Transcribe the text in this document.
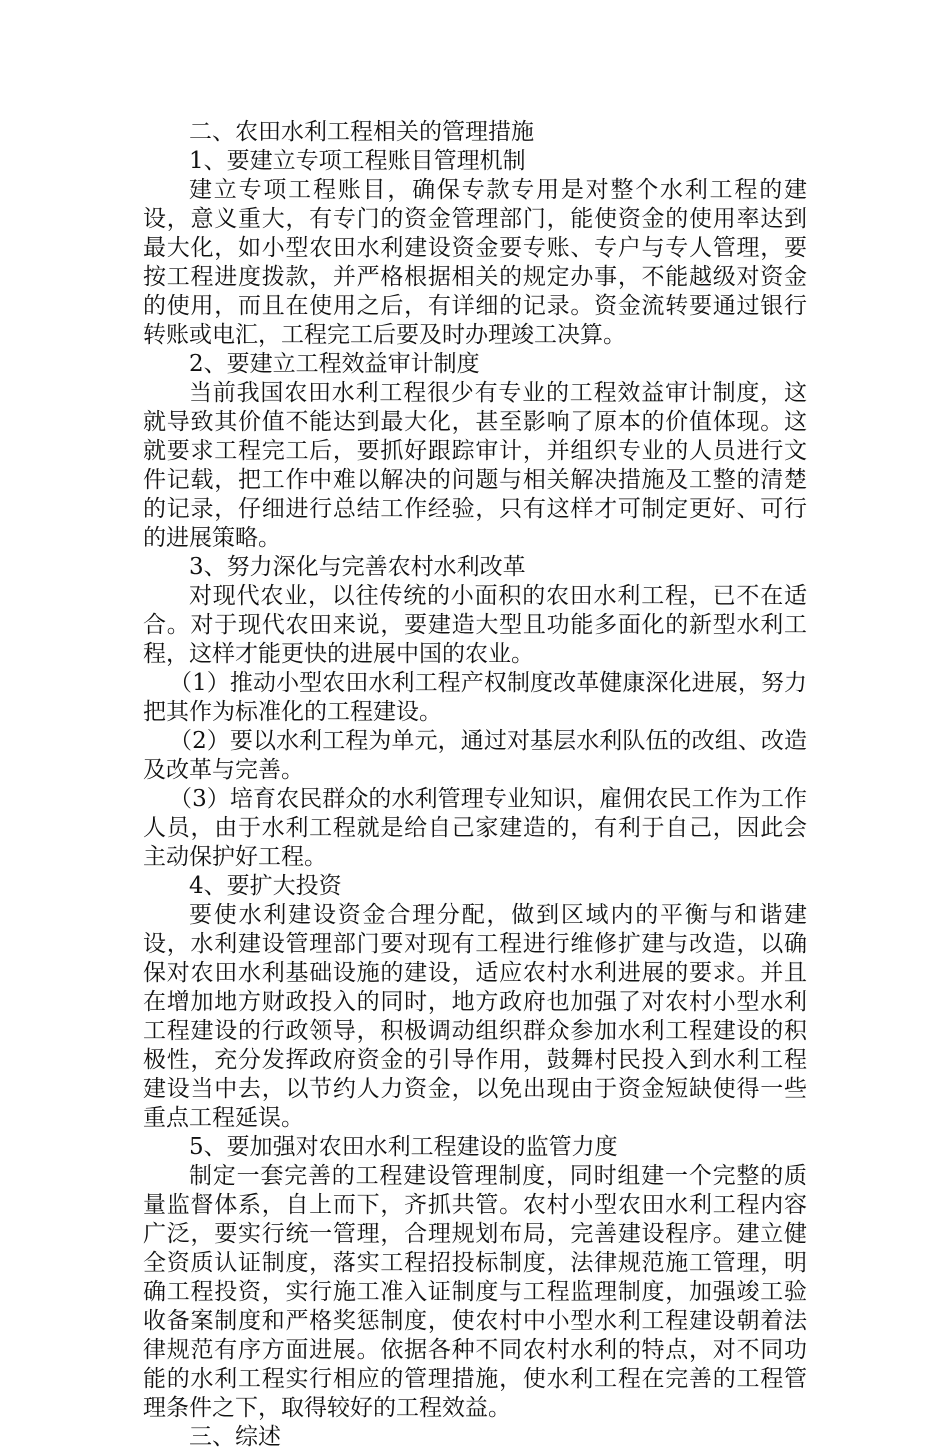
二、农田水利工程相关的管理措施

1、要建立专项工程账目管理机制

建立专项工程账目，确保专款专用是对整个水利工程的建设，意义重大，有专门的资金管理部门，能使资金的使用率达到最大化，如小型农田水利建设资金要专账、专户与专人管理，要按工程进度拨款，并严格根据相关的规定办事，不能越级对资金的使用，而且在使用之后，有详细的记录。资金流转要通过银行转账或电汇，工程完工后要及时办理竣工决算。

2、要建立工程效益审计制度

当前我国农田水利工程很少有专业的工程效益审计制度，这就导致其价值不能达到最大化，甚至影响了原本的价值体现。这就要求工程完工后，要抓好跟踪审计，并组织专业的人员进行文件记载，把工作中难以解决的问题与相关解决措施及工整的清楚的记录，仔细进行总结工作经验，只有这样才可制定更好、可行的进展策略。

3、努力深化与完善农村水利改革

对现代农业，以往传统的小面积的农田水利工程，已不在适合。对于现代农田来说，要建造大型且功能多面化的新型水利工程，这样才能更快的进展中国的农业。

（1）推动小型农田水利工程产权制度改革健康深化进展，努力把其作为标准化的工程建设。

（2）要以水利工程为单元，通过对基层水利队伍的改组、改造及改革与完善。

（3）培育农民群众的水利管理专业知识，雇佣农民工作为工作人员，由于水利工程就是给自己家建造的，有利于自己，因此会主动保护好工程。

4、要扩大投资

要使水利建设资金合理分配，做到区域内的平衡与和谐建设，水利建设管理部门要对现有工程进行维修扩建与改造，以确保对农田水利基础设施的建设，适应农村水利进展的要求。并且在增加地方财政投入的同时，地方政府也加强了对农村小型水利工程建设的行政领导，积极调动组织群众参加水利工程建设的积极性，充分发挥政府资金的引导作用，鼓舞村民投入到水利工程建设当中去，以节约人力资金，以免出现由于资金短缺使得一些重点工程延误。

5、要加强对农田水利工程建设的监管力度

制定一套完善的工程建设管理制度，同时组建一个完整的质量监督体系，自上而下，齐抓共管。农村小型农田水利工程内容广泛，要实行统一管理，合理规划布局，完善建设程序。建立健全资质认证制度，落实工程招投标制度，法律规范施工管理，明确工程投资，实行施工准入证制度与工程监理制度，加强竣工验收备案制度和严格奖惩制度，使农村中小型水利工程建设朝着法律规范有序方面进展。依据各种不同农村水利的特点，对不同功能的水利工程实行相应的管理措施，使水利工程在完善的工程管理条件之下，取得较好的工程效益。

三、综述
